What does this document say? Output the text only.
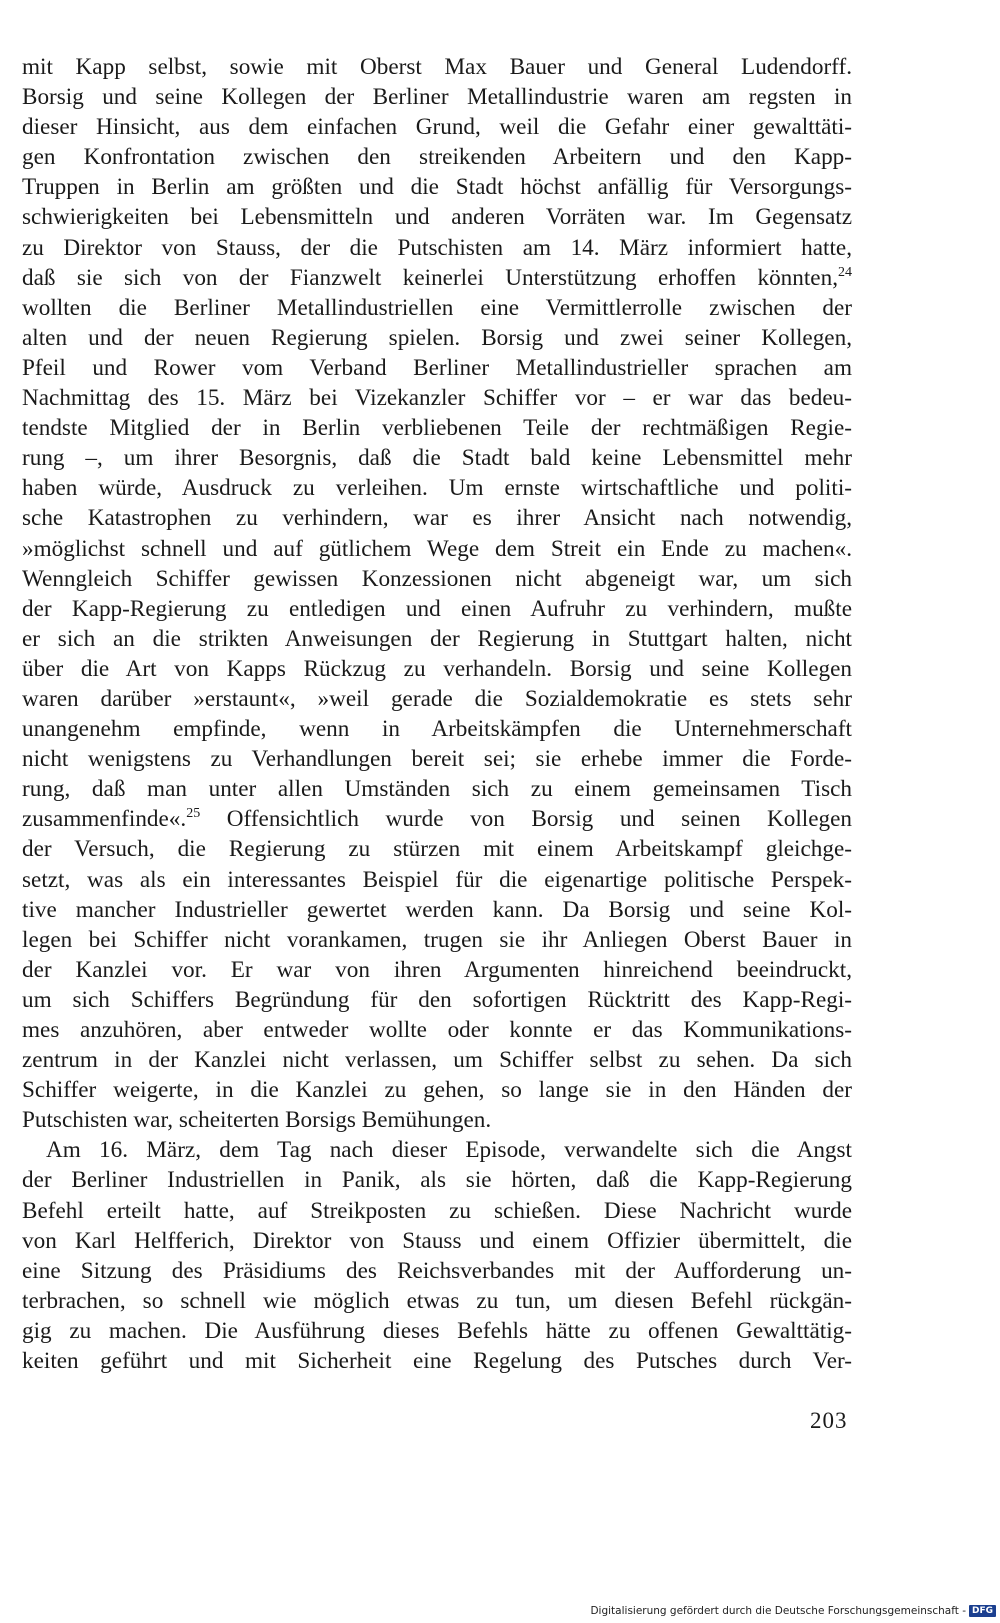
mit Kapp selbst, sowie mit Oberst Max Bauer und General Ludendorff.
Borsig und seine Kollegen der Berliner Metallindustrie waren am regsten in
dieser Hinsicht, aus dem einfachen Grund, weil die Gefahr einer gewalttäti-
gen Konfrontation zwischen den streikenden Arbeitern und den Kapp-
Truppen in Berlin am größten und die Stadt höchst anfällig für Versorgungs-
schwierigkeiten bei Lebensmitteln und anderen Vorräten war. Im Gegensatz
zu Direktor von Stauss, der die Putschisten am 14. März informiert hatte,
daß sie sich von der Fianzwelt keinerlei Unterstützung erhoffen könnten,$^{24}$
wollten die Berliner Metallindustriellen eine Vermittlerrolle zwischen der
alten und der neuen Regierung spielen. Borsig und zwei seiner Kollegen,
Pfeil und Rower vom Verband Berliner Metallindustrieller sprachen am
Nachmittag des 15. März bei Vizekanzler Schiffer vor – er war das bedeu-
tendste Mitglied der in Berlin verbliebenen Teile der rechtmäßigen Regie-
rung –, um ihrer Besorgnis, daß die Stadt bald keine Lebensmittel mehr
haben würde, Ausdruck zu verleihen. Um ernste wirtschaftliche und politi-
sche Katastrophen zu verhindern, war es ihrer Ansicht nach notwendig,
»möglichst schnell und auf gütlichem Wege dem Streit ein Ende zu machen«.
Wenngleich Schiffer gewissen Konzessionen nicht abgeneigt war, um sich
der Kapp-Regierung zu entledigen und einen Aufruhr zu verhindern, mußte
er sich an die strikten Anweisungen der Regierung in Stuttgart halten, nicht
über die Art von Kapps Rückzug zu verhandeln. Borsig und seine Kollegen
waren darüber »erstaunt«, »weil gerade die Sozialdemokratie es stets sehr
unangenehm empfinde, wenn in Arbeitskämpfen die Unternehmerschaft
nicht wenigstens zu Verhandlungen bereit sei; sie erhebe immer die Forde-
rung, daß man unter allen Umständen sich zu einem gemeinsamen Tisch
zusammenfinde«.$^{25}$ Offensichtlich wurde von Borsig und seinen Kollegen
der Versuch, die Regierung zu stürzen mit einem Arbeitskampf gleichge-
setzt, was als ein interessantes Beispiel für die eigenartige politische Perspek-
tive mancher Industrieller gewertet werden kann. Da Borsig und seine Kol-
legen bei Schiffer nicht vorankamen, trugen sie ihr Anliegen Oberst Bauer in
der Kanzlei vor. Er war von ihren Argumenten hinreichend beeindruckt,
um sich Schiffers Begründung für den sofortigen Rücktritt des Kapp-Regi-
mes anzuhören, aber entweder wollte oder konnte er das Kommunikations-
zentrum in der Kanzlei nicht verlassen, um Schiffer selbst zu sehen. Da sich
Schiffer weigerte, in die Kanzlei zu gehen, so lange sie in den Händen der
Putschisten war, scheiterten Borsigs Bemühungen.
Am 16. März, dem Tag nach dieser Episode, verwandelte sich die Angst
der Berliner Industriellen in Panik, als sie hörten, daß die Kapp-Regierung
Befehl erteilt hatte, auf Streikposten zu schießen. Diese Nachricht wurde
von Karl Helfferich, Direktor von Stauss und einem Offizier übermittelt, die
eine Sitzung des Präsidiums des Reichsverbandes mit der Aufforderung un-
terbrachen, so schnell wie möglich etwas zu tun, um diesen Befehl rückgän-
gig zu machen. Die Ausführung dieses Befehls hätte zu offenen Gewalttätig-
keiten geführt und mit Sicherheit eine Regelung des Putsches durch Ver-
203
Digitalisierung gefördert durch die Deutsche Forschungsgemeinschaft - DFG
